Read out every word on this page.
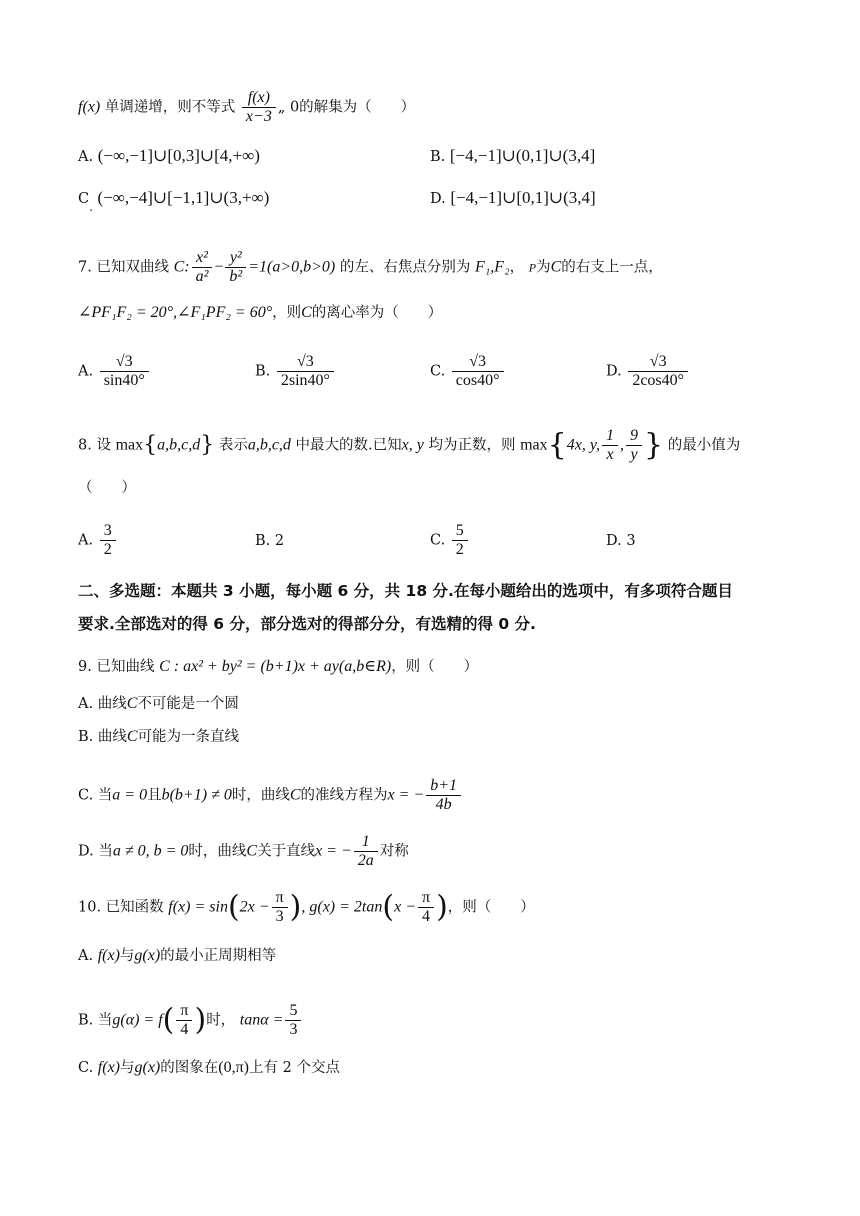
f(x) 单调递增，则不等式 $\frac{f(x)}{x-3}$ „ 0的解集为（　　）
A. (−∞,−1]∪[0,3]∪[4,+∞)	B. [−4,−1]∪(0,1]∪(3,4]
$C_.$ (−∞,−4]∪[−1,1]∪(3,+∞)	D. [−4,−1]∪[0,1]∪(3,4]
7. 已知双曲线 C: $\frac{\text{x²}}{\text{a²}} - \frac{\text{y²}}{\text{b²}} =1(a>0,b>0)$ 的左、右焦点分别为 F₁,F₂， P为C的右支上一点，
∠PF₁F₂ = 20°,∠F₁PF₂ = 60°，则C的离心率为（　　）
A. $\frac{√3}{\sin 40^\circ}$	B. $\frac{√3}{2\sin 40^\circ}$	C. $\frac{√3}{\cos 40^\circ}$	D. $\frac{√3}{2\cos 40^\circ}$
8. 设 max{a,b,c,d} 表示a,b,c,d 中最大的数.已知x, y 均为正数，则 max{4x, y, $\frac{1}{x}$ , $\frac{9}{y}$ } 的最小值为
（　　）
A. $\frac{3}{2}$	B. 2	C. $\frac{5}{2}$	D. 3
二、多选题：本题共 3 小题，每小题 6 分，共 18 分.在每小题给出的选项中，有多项符合题目
要求.全部选对的得 6 分，部分选对的得部分分，有选精的得 0 分.
9. 已知曲线 C : ax² + by² = (b+1)x + ay(a,b∈R)，则（　　）
A. 曲线C不可能是一个圆
B. 曲线C可能为一条直线
C. 当a = 0且b(b+1) ≠ 0时，曲线C的准线方程为x = − $\frac{b+1}{4b}$
D. 当a ≠ 0, b = 0时，曲线C关于直线x = − $\frac{1}{2a}$ 对称
10. 已知函数 $f(x) = \sin(2x - \frac{\pi}{3}$ ), $g(x) = 2\tan(x - \frac{\pi}{4}$ )，则（　　）
A. f(x)与g(x)的最小正周期相等
B. 当$g(\alpha) = f( \frac{\pi}{4}$ )时， $\tan\alpha = \frac{5}{3}$
C. f(x)与g(x)的图象在(0,π)上有 2 个交点
